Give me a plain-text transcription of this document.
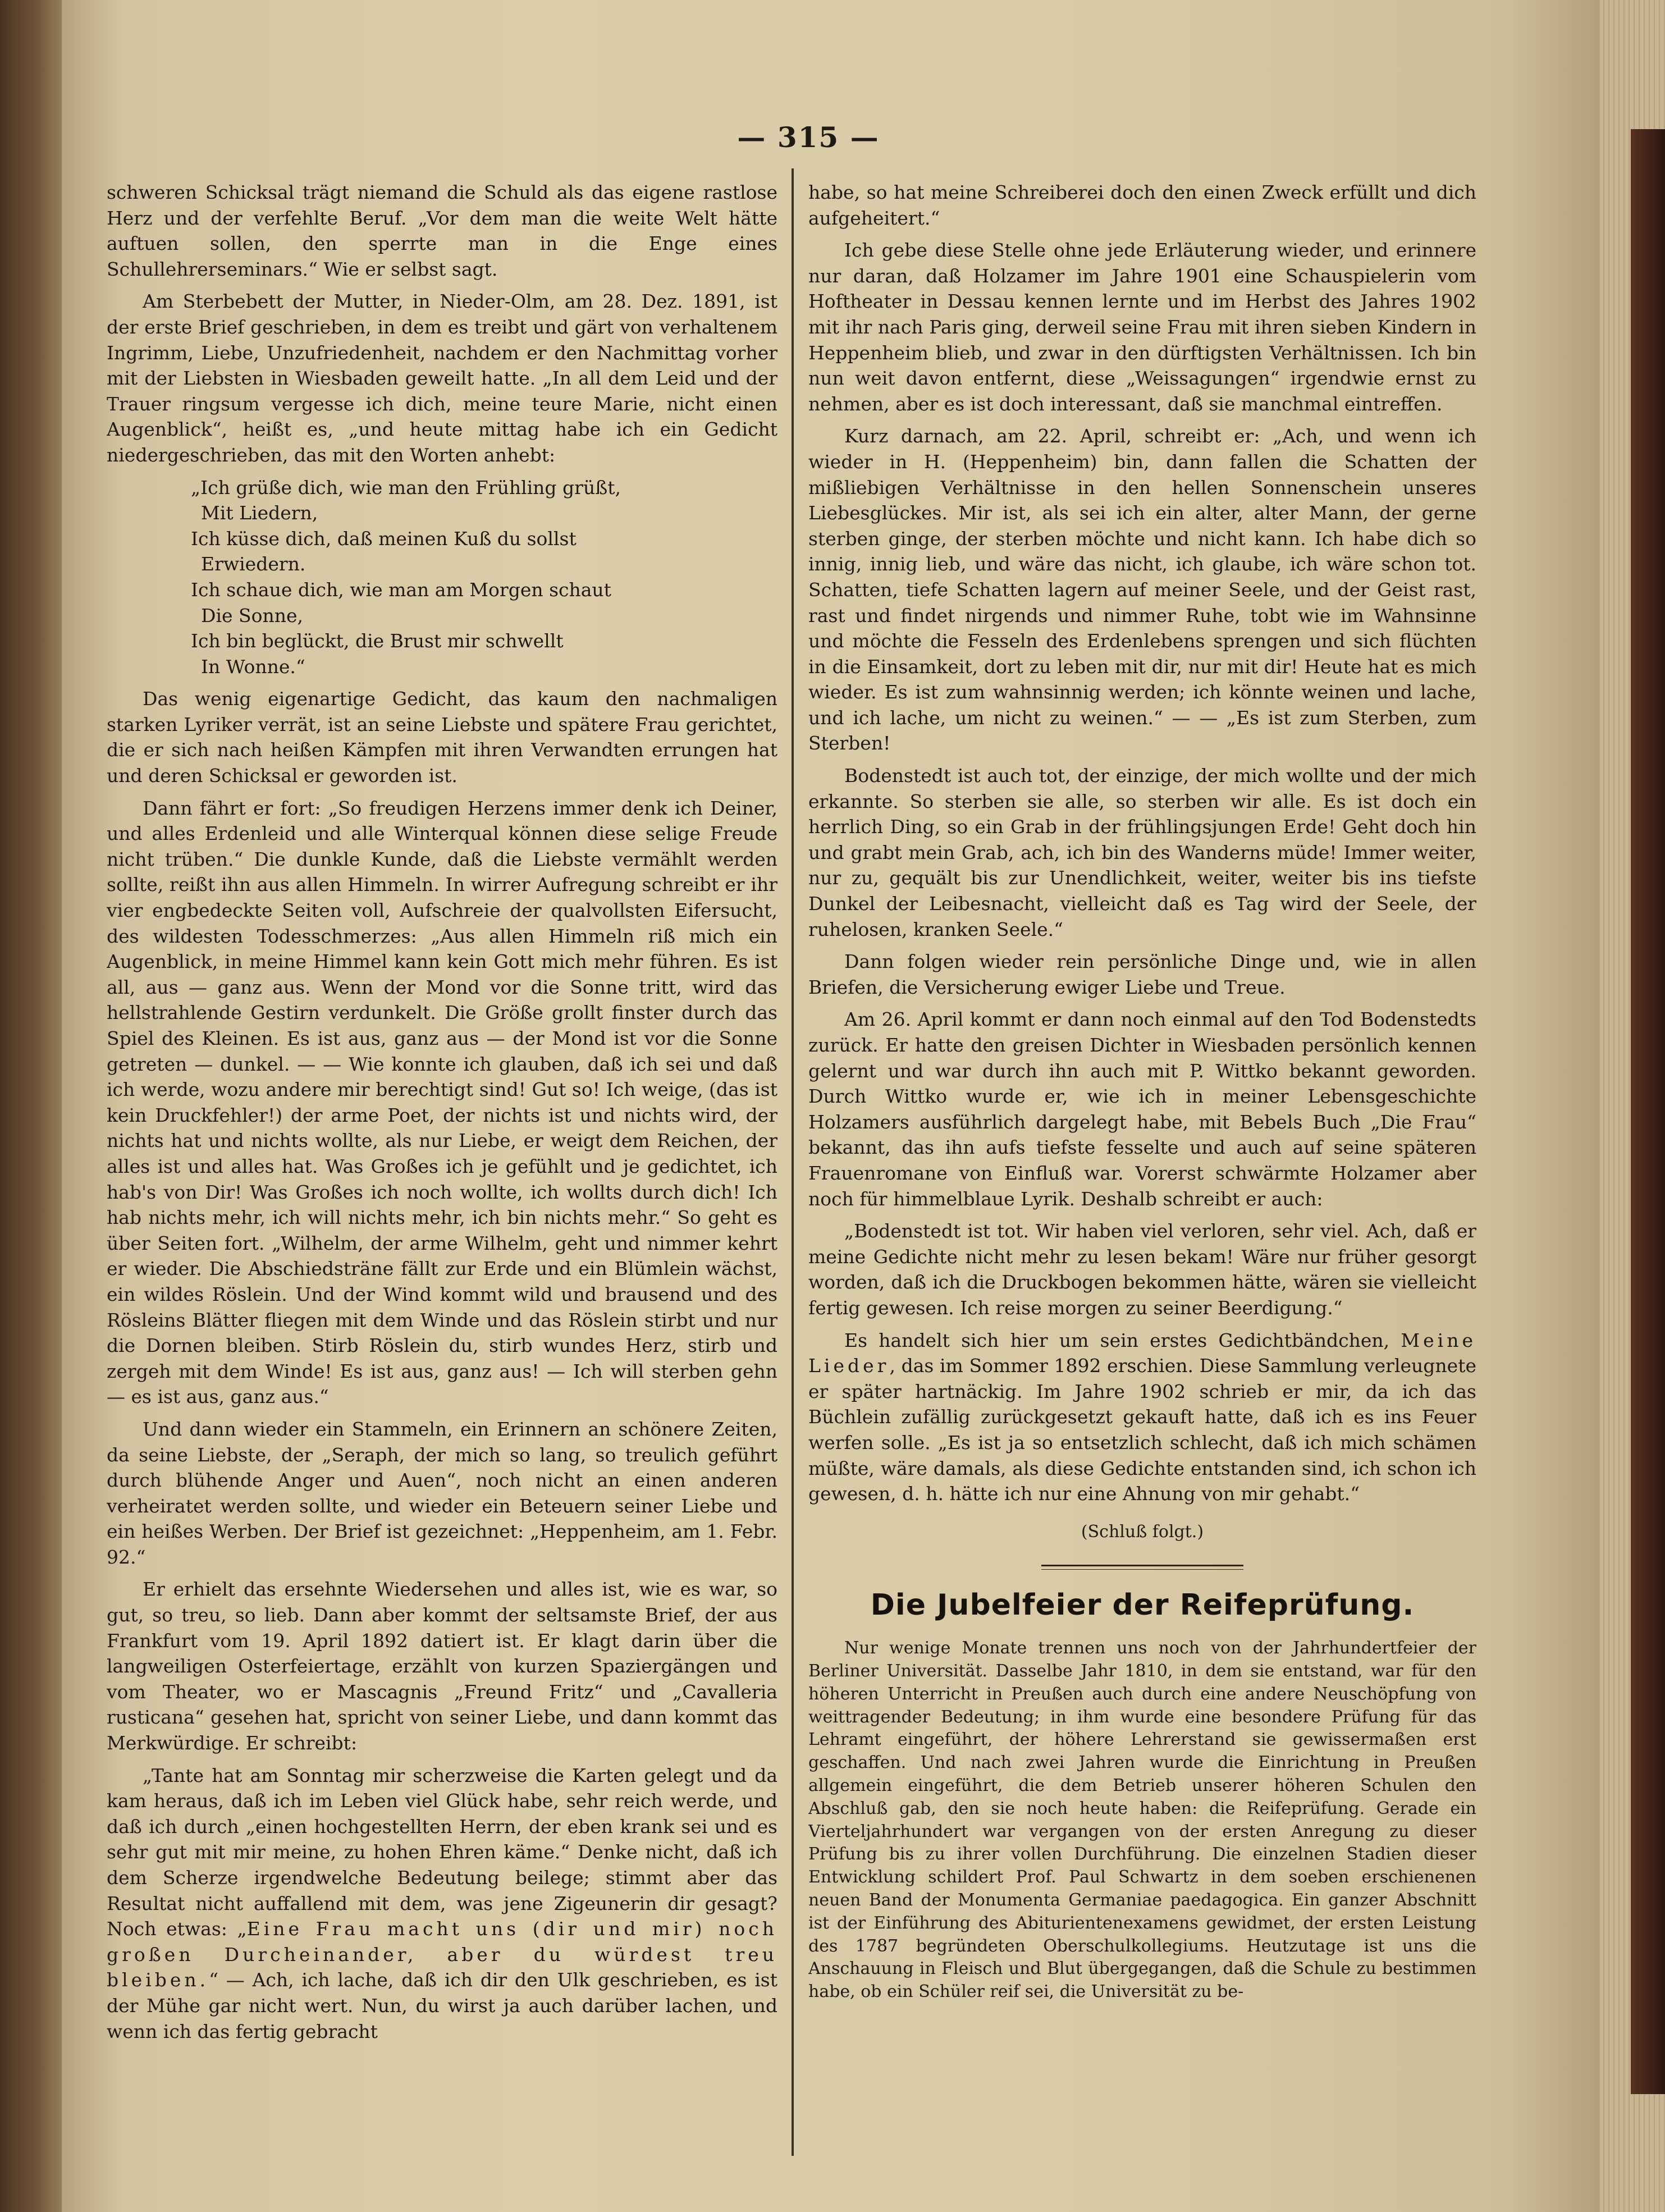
— 315 —

schweren Schicksal trägt niemand die Schuld als das eigene rastlose Herz und der verfehlte Beruf. „Vor dem man die weite Welt hätte auftuen sollen, den sperrte man in die Enge eines Schullehrerseminars.“ Wie er selbst sagt.

Am Sterbebett der Mutter, in Nieder-Olm, am 28. Dez. 1891, ist der erste Brief geschrieben, in dem es treibt und gärt von verhaltenem Ingrimm, Liebe, Unzufriedenheit, nachdem er den Nachmittag vorher mit der Liebsten in Wiesbaden geweilt hatte. „In all dem Leid und der Trauer ringsum vergesse ich dich, meine teure Marie, nicht einen Augenblick“, heißt es, „und heute mittag habe ich ein Gedicht niedergeschrieben, das mit den Worten anhebt:

„Ich grüße dich, wie man den Frühling grüßt,
Mit Liedern,
Ich küsse dich, daß meinen Kuß du sollst
Erwiedern.
Ich schaue dich, wie man am Morgen schaut
Die Sonne,
Ich bin beglückt, die Brust mir schwellt
In Wonne.“

Das wenig eigenartige Gedicht, das kaum den nachmaligen starken Lyriker verrät, ist an seine Liebste und spätere Frau gerichtet, die er sich nach heißen Kämpfen mit ihren Verwandten errungen hat und deren Schicksal er geworden ist.

Dann fährt er fort: „So freudigen Herzens immer denk ich Deiner, und alles Erdenleid und alle Winterqual können diese selige Freude nicht trüben.“ Die dunkle Kunde, daß die Liebste vermählt werden sollte, reißt ihn aus allen Himmeln. In wirrer Aufregung schreibt er ihr vier engbedeckte Seiten voll, Aufschreie der qualvollsten Eifersucht, des wildesten Todesschmerzes: „Aus allen Himmeln riß mich ein Augenblick, in meine Himmel kann kein Gott mich mehr führen. Es ist all, aus — ganz aus. Wenn der Mond vor die Sonne tritt, wird das hellstrahlende Gestirn verdunkelt. Die Größe grollt finster durch das Spiel des Kleinen. Es ist aus, ganz aus — der Mond ist vor die Sonne getreten — dunkel. — — Wie konnte ich glauben, daß ich sei und daß ich werde, wozu andere mir berechtigt sind! Gut so! Ich weige, (das ist kein Druckfehler!) der arme Poet, der nichts ist und nichts wird, der nichts hat und nichts wollte, als nur Liebe, er weigt dem Reichen, der alles ist und alles hat. Was Großes ich je gefühlt und je gedichtet, ich hab's von Dir! Was Großes ich noch wollte, ich wollts durch dich! Ich hab nichts mehr, ich will nichts mehr, ich bin nichts mehr.“ So geht es über Seiten fort. „Wilhelm, der arme Wilhelm, geht und nimmer kehrt er wieder. Die Abschiedsträne fällt zur Erde und ein Blümlein wächst, ein wildes Röslein. Und der Wind kommt wild und brausend und des Rösleins Blätter fliegen mit dem Winde und das Röslein stirbt und nur die Dornen bleiben. Stirb Röslein du, stirb wundes Herz, stirb und zergeh mit dem Winde! Es ist aus, ganz aus! — Ich will sterben gehn — es ist aus, ganz aus.“

Und dann wieder ein Stammeln, ein Erinnern an schönere Zeiten, da seine Liebste, der „Seraph, der mich so lang, so treulich geführt durch blühende Anger und Auen“, noch nicht an einen anderen verheiratet werden sollte, und wieder ein Beteuern seiner Liebe und ein heißes Werben. Der Brief ist gezeichnet: „Heppenheim, am 1. Febr. 92.“

Er erhielt das ersehnte Wiedersehen und alles ist, wie es war, so gut, so treu, so lieb. Dann aber kommt der seltsamste Brief, der aus Frankfurt vom 19. April 1892 datiert ist. Er klagt darin über die langweiligen Osterfeiertage, erzählt von kurzen Spaziergängen und vom Theater, wo er Mascagnis „Freund Fritz“ und „Cavalleria rusticana“ gesehen hat, spricht von seiner Liebe, und dann kommt das Merkwürdige. Er schreibt:

„Tante hat am Sonntag mir scherzweise die Karten gelegt und da kam heraus, daß ich im Leben viel Glück habe, sehr reich werde, und daß ich durch „einen hochgestellten Herrn, der eben krank sei und es sehr gut mit mir meine, zu hohen Ehren käme.“ Denke nicht, daß ich dem Scherze irgendwelche Bedeutung beilege; stimmt aber das Resultat nicht auffallend mit dem, was jene Zigeunerin dir gesagt? Noch etwas: „Eine Frau macht uns (dir und mir) noch großen Durcheinander, aber du würdest treu bleiben.“ — Ach, ich lache, daß ich dir den Ulk geschrieben, es ist der Mühe gar nicht wert. Nun, du wirst ja auch darüber lachen, und wenn ich das fertig gebracht

habe, so hat meine Schreiberei doch den einen Zweck erfüllt und dich aufgeheitert.“

Ich gebe diese Stelle ohne jede Erläuterung wieder, und erinnere nur daran, daß Holzamer im Jahre 1901 eine Schauspielerin vom Hoftheater in Dessau kennen lernte und im Herbst des Jahres 1902 mit ihr nach Paris ging, derweil seine Frau mit ihren sieben Kindern in Heppenheim blieb, und zwar in den dürftigsten Verhältnissen. Ich bin nun weit davon entfernt, diese „Weissagungen“ irgendwie ernst zu nehmen, aber es ist doch interessant, daß sie manchmal eintreffen.

Kurz darnach, am 22. April, schreibt er: „Ach, und wenn ich wieder in H. (Heppenheim) bin, dann fallen die Schatten der mißliebigen Verhältnisse in den hellen Sonnenschein unseres Liebesglückes. Mir ist, als sei ich ein alter, alter Mann, der gerne sterben ginge, der sterben möchte und nicht kann. Ich habe dich so innig, innig lieb, und wäre das nicht, ich glaube, ich wäre schon tot. Schatten, tiefe Schatten lagern auf meiner Seele, und der Geist rast, rast und findet nirgends und nimmer Ruhe, tobt wie im Wahnsinne und möchte die Fesseln des Erdenlebens sprengen und sich flüchten in die Einsamkeit, dort zu leben mit dir, nur mit dir! Heute hat es mich wieder. Es ist zum wahnsinnig werden; ich könnte weinen und lache, und ich lache, um nicht zu weinen.“ — — „Es ist zum Sterben, zum Sterben!

Bodenstedt ist auch tot, der einzige, der mich wollte und der mich erkannte. So sterben sie alle, so sterben wir alle. Es ist doch ein herrlich Ding, so ein Grab in der frühlingsjungen Erde! Geht doch hin und grabt mein Grab, ach, ich bin des Wanderns müde! Immer weiter, nur zu, gequält bis zur Unendlichkeit, weiter, weiter bis ins tiefste Dunkel der Leibesnacht, vielleicht daß es Tag wird der Seele, der ruhelosen, kranken Seele.“

Dann folgen wieder rein persönliche Dinge und, wie in allen Briefen, die Versicherung ewiger Liebe und Treue.

Am 26. April kommt er dann noch einmal auf den Tod Bodenstedts zurück. Er hatte den greisen Dichter in Wiesbaden persönlich kennen gelernt und war durch ihn auch mit P. Wittko bekannt geworden. Durch Wittko wurde er, wie ich in meiner Lebensgeschichte Holzamers ausführlich dargelegt habe, mit Bebels Buch „Die Frau“ bekannt, das ihn aufs tiefste fesselte und auch auf seine späteren Frauenromane von Einfluß war. Vorerst schwärmte Holzamer aber noch für himmelblaue Lyrik. Deshalb schreibt er auch:

„Bodenstedt ist tot. Wir haben viel verloren, sehr viel. Ach, daß er meine Gedichte nicht mehr zu lesen bekam! Wäre nur früher gesorgt worden, daß ich die Druckbogen bekommen hätte, wären sie vielleicht fertig gewesen. Ich reise morgen zu seiner Beerdigung.“

Es handelt sich hier um sein erstes Gedichtbändchen, Meine Lieder, das im Sommer 1892 erschien. Diese Sammlung verleugnete er später hartnäckig. Im Jahre 1902 schrieb er mir, da ich das Büchlein zufällig zurückgesetzt gekauft hatte, daß ich es ins Feuer werfen solle. „Es ist ja so entsetzlich schlecht, daß ich mich schämen müßte, wäre damals, als diese Gedichte entstanden sind, ich schon ich gewesen, d. h. hätte ich nur eine Ahnung von mir gehabt.“

(Schluß folgt.)
Die Jubelfeier der Reifeprüfung.

Nur wenige Monate trennen uns noch von der Jahrhundertfeier der Berliner Universität. Dasselbe Jahr 1810, in dem sie entstand, war für den höheren Unterricht in Preußen auch durch eine andere Neuschöpfung von weittragender Bedeutung; in ihm wurde eine besondere Prüfung für das Lehramt eingeführt, der höhere Lehrerstand sie gewissermaßen erst geschaffen. Und nach zwei Jahren wurde die Einrichtung in Preußen allgemein eingeführt, die dem Betrieb unserer höheren Schulen den Abschluß gab, den sie noch heute haben: die Reifeprüfung. Gerade ein Vierteljahrhundert war vergangen von der ersten Anregung zu dieser Prüfung bis zu ihrer vollen Durchführung. Die einzelnen Stadien dieser Entwicklung schildert Prof. Paul Schwartz in dem soeben erschienenen neuen Band der Monumenta Germaniae paedagogica. Ein ganzer Abschnitt ist der Einführung des Abiturientenexamens gewidmet, der ersten Leistung des 1787 begründeten Oberschulkollegiums. Heutzutage ist uns die Anschauung in Fleisch und Blut übergegangen, daß die Schule zu bestimmen habe, ob ein Schüler reif sei, die Universität zu be-
